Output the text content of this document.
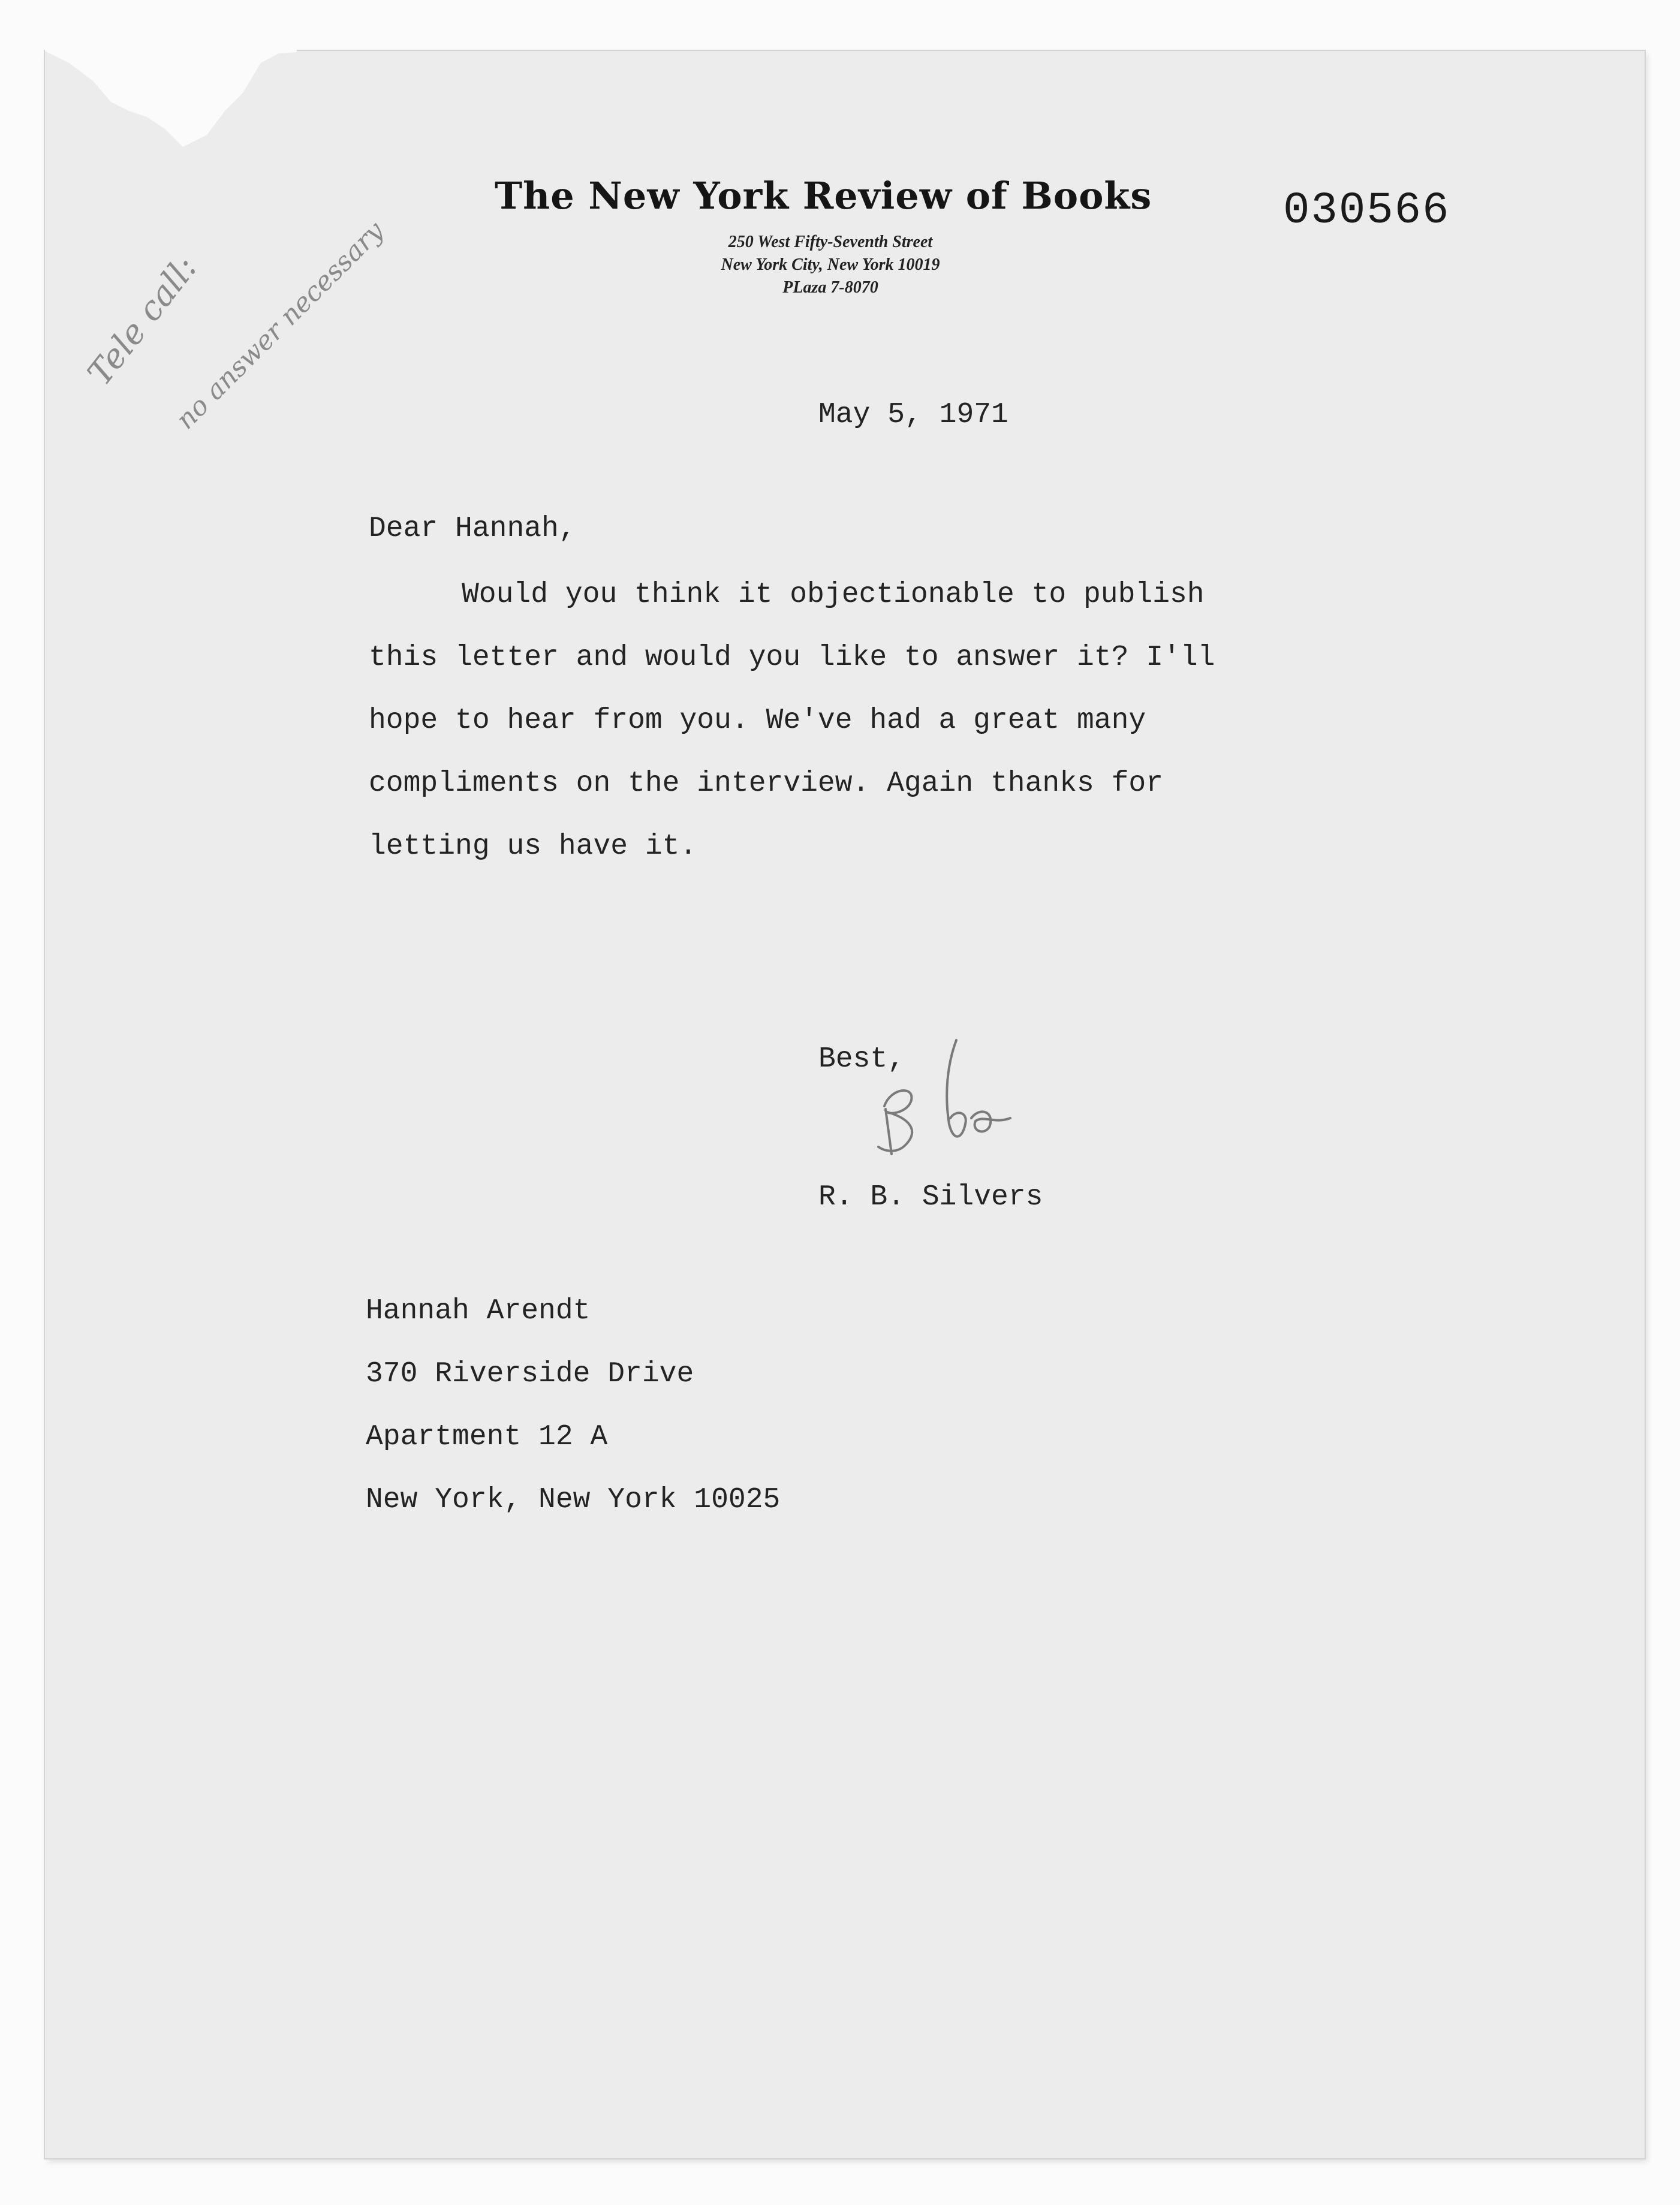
The New York Review of Books	030566
250 West Fifty-Seventh Street
New York City, New York 10019
PLaza 7-8070
Tele call:
no answer necessary	May 5, 1971
Dear Hannah,
Would you think it objectionable to publish
this letter and would you like to answer it? I'll
hope to hear from you. We've had a great many
compliments on the interview. Again thanks for
letting us have it.
Best,
R. B. Silvers
Hannah Arendt
370 Riverside Drive
Apartment 12 A
New York, New York 10025
